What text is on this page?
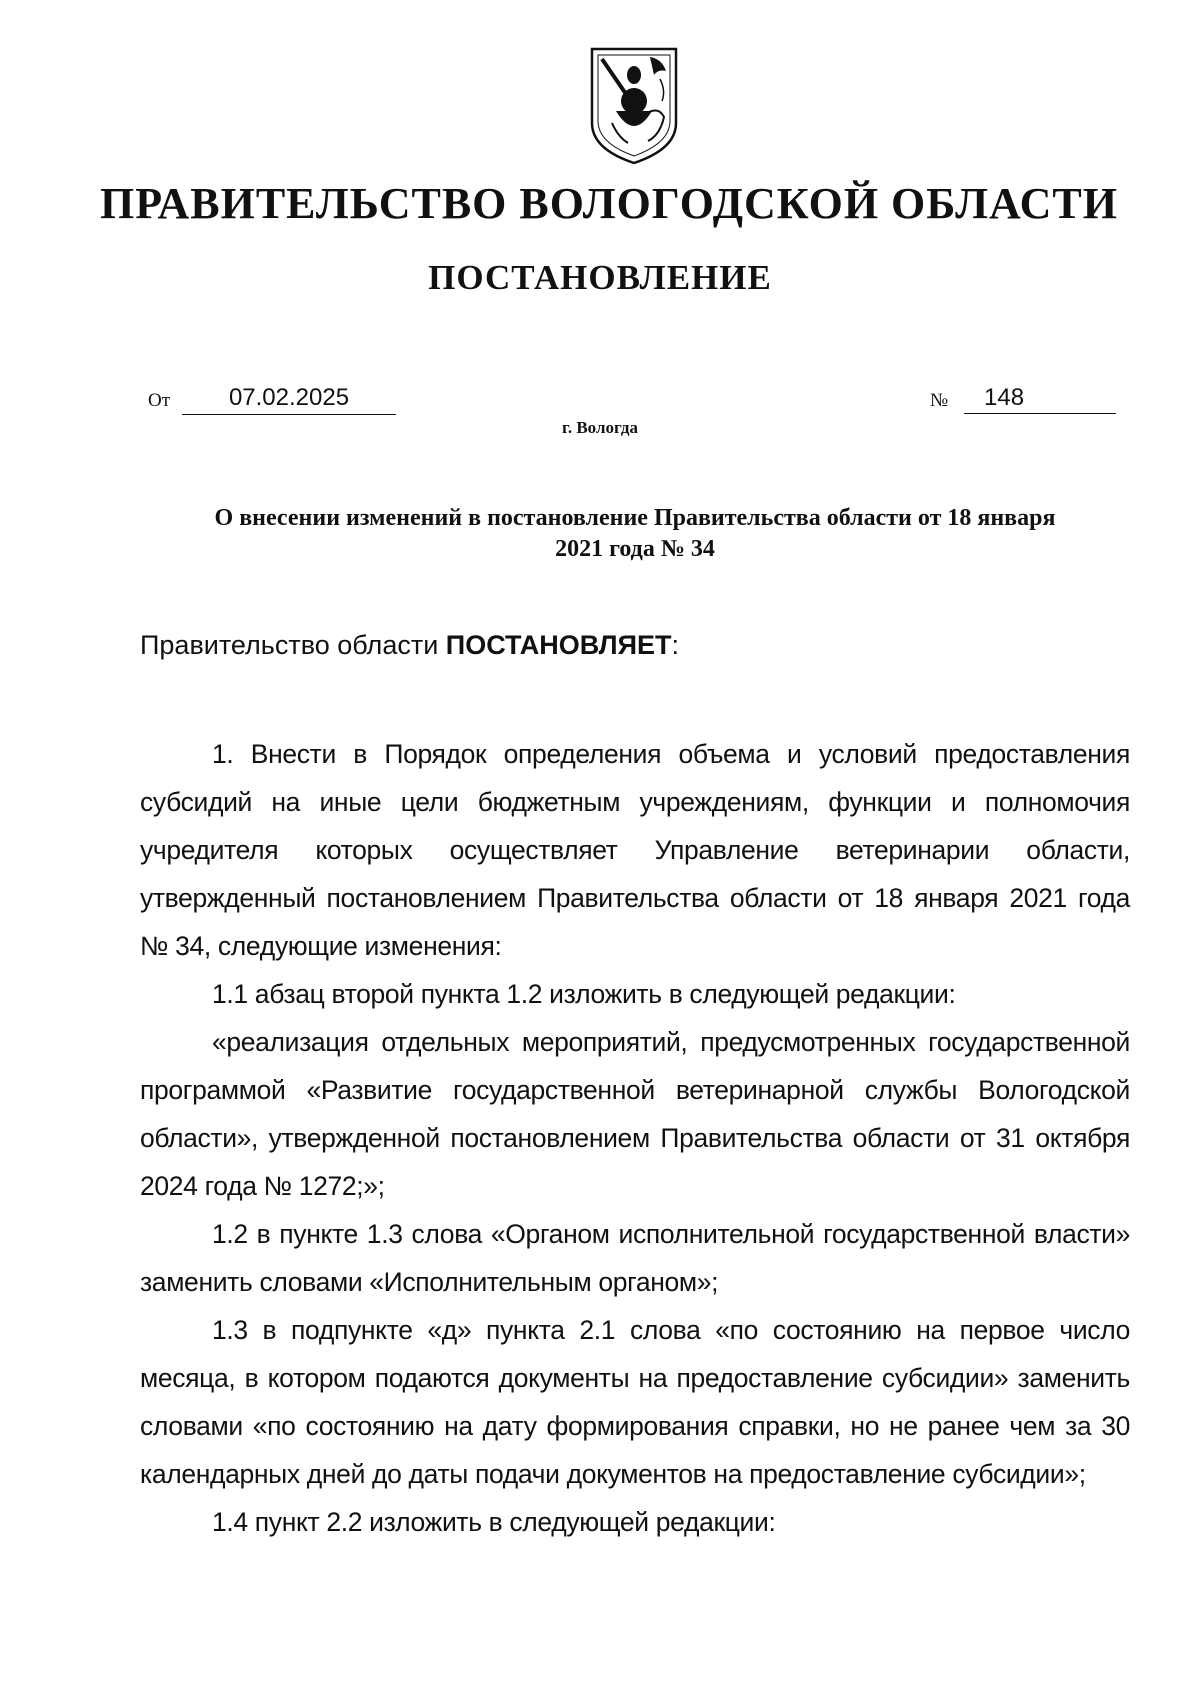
ПРАВИТЕЛЬСТВО ВОЛОГОДСКОЙ ОБЛАСТИ
ПОСТАНОВЛЕНИЕ
От	07.02.2025	№	148
г. Вологда
О внесении изменений в постановление Правительства области от 18 января 2021 года № 34
Правительство области ПОСТАНОВЛЯЕТ:

1. Внести в Порядок определения объема и условий предоставления субсидий на иные цели бюджетным учреждениям, функции и полномочия учредителя которых осуществляет Управление ветеринарии области, утвержденный постановлением Правительства области от 18 января 2021 года № 34, следующие изменения:

1.1 абзац второй пункта 1.2 изложить в следующей редакции:

«реализация отдельных мероприятий, предусмотренных государственной программой «Развитие государственной ветеринарной службы Вологодской области», утвержденной постановлением Правительства области от 31 октября 2024 года № 1272;»;

1.2 в пункте 1.3 слова «Органом исполнительной государственной власти» заменить словами «Исполнительным органом»;

1.3 в подпункте «д» пункта 2.1 слова «по состоянию на первое число месяца, в котором подаются документы на предоставление субсидии» заменить словами «по состоянию на дату формирования справки, но не ранее чем за 30 календарных дней до даты подачи документов на предоставление субсидии»;

1.4 пункт 2.2 изложить в следующей редакции:
